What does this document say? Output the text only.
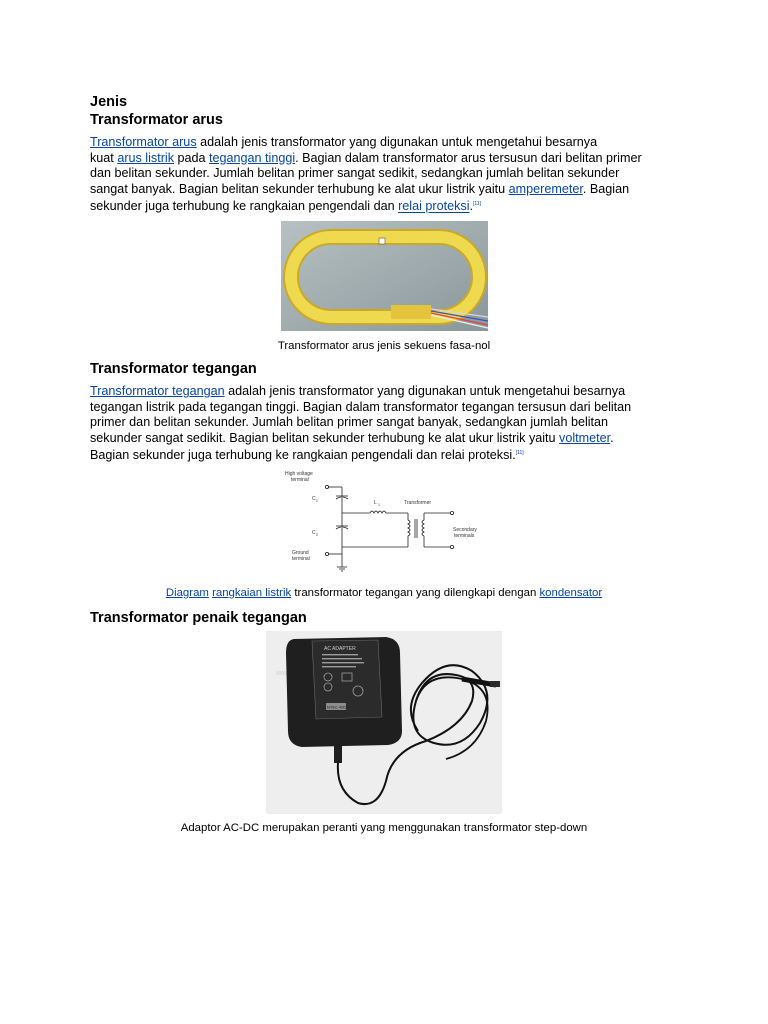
Jenis
Transformator arus

Transformator arus adalah jenis transformator yang digunakan untuk mengetahui besarnya
kuat arus listrik pada tegangan tinggi. Bagian dalam transformator arus tersusun dari belitan primer
dan belitan sekunder. Jumlah belitan primer sangat sedikit, sedangkan jumlah belitan sekunder
sangat banyak. Bagian belitan sekunder terhubung ke alat ukur listrik yaitu amperemeter. Bagian
sekunder juga terhubung ke rangkaian pengendali dan relai proteksi.[11]

Transformator arus jenis sekuens fasa-nol
Transformator tegangan

Transformator tegangan adalah jenis transformator yang digunakan untuk mengetahui besarnya
tegangan listrik pada tegangan tinggi. Bagian dalam transformator tegangan tersusun dari belitan
primer dan belitan sekunder. Jumlah belitan primer sangat banyak, sedangkan jumlah belitan
sekunder sangat sedikit. Bagian belitan sekunder terhubung ke alat ukur listrik yaitu voltmeter.
Bagian sekunder juga terhubung ke rangkaian pengendali dan relai proteksi.[11]

High voltage
terminal
C 1
C 2
L 1	Transformer
Secondary
terminals
Ground
terminal
Diagram rangkaian listrik transformator tegangan yang dilengkapi dengan kondensator
Transformator penaik tegangan
AC ADAPTER
NTEC 400
Adaptor AC-DC merupakan peranti yang menggunakan transformator step-down
